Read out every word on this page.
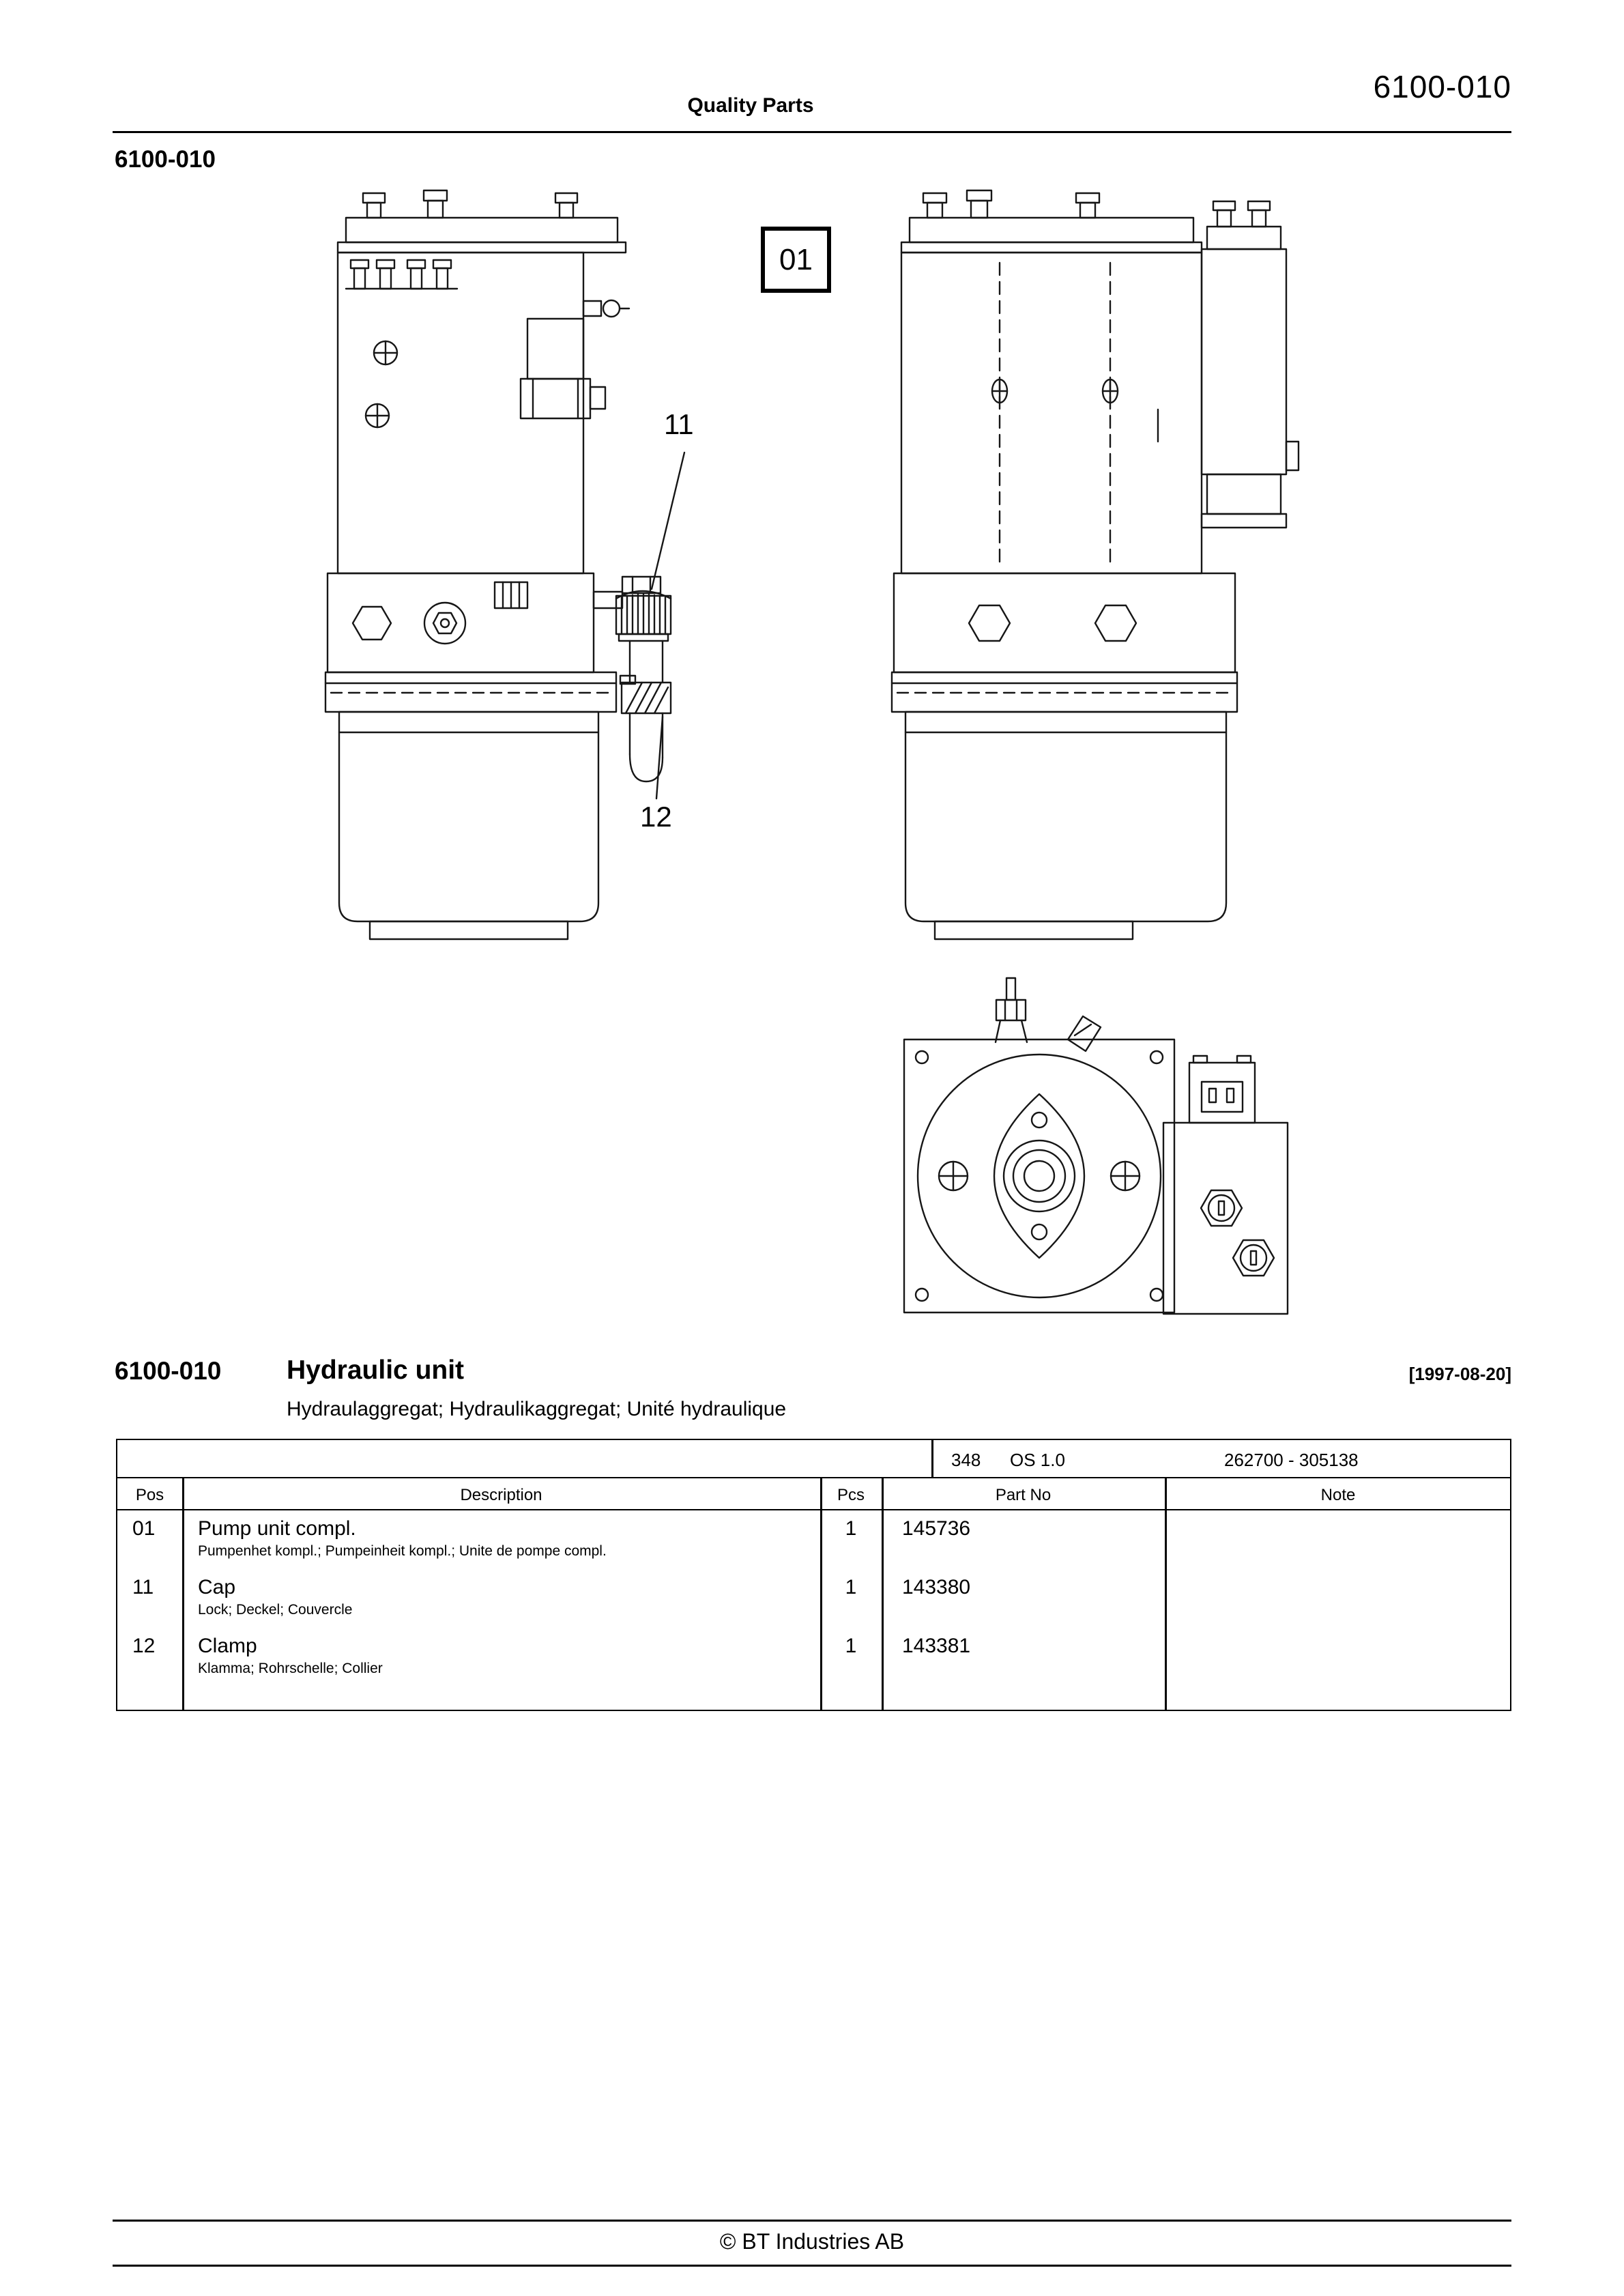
Quality Parts
6100-010
6100-010
01
11
12
6100-010 Hydraulic unit	[1997-08-20]
Hydraulaggregat; Hydraulikaggregat; Unité hydraulique
348 OS 1.0	262700 - 305138
Pos	Description	Pcs	Part No	Note
01 Pump unit compl.
Pumpenhet kompl.; Pumpeinheit kompl.; Unite de pompe compl.
1	145736
11 Cap
Lock; Deckel; Couvercle
1	143380
12 Clamp
Klamma; Rohrschelle; Collier
1	143381
© BT Industries AB
